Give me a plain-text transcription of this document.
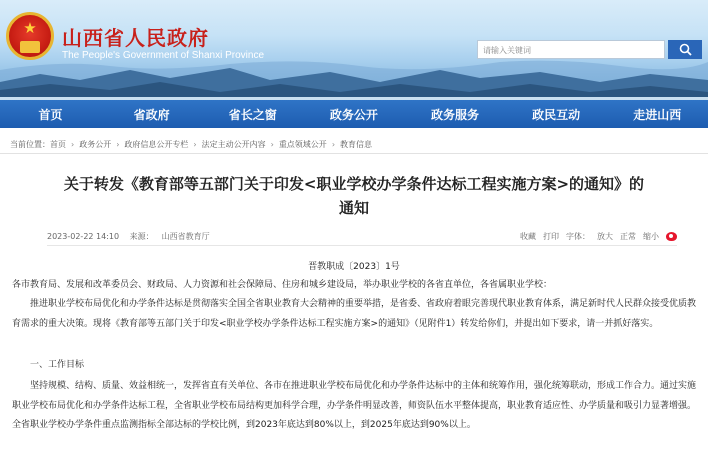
★	山西省人民政府
The People's Government of Shanxi Province	请输入关键词
首页	省政府	省长之窗	政务公开	政务服务	政民互动	走进山西
当前位置： 首页 › 政务公开 › 政府信息公开专栏 › 法定主动公开内容 › 重点领域公开 › 教育信息
关于转发《教育部等五部门关于印发<职业学校办学条件达标工程实施方案>的通知》的
通知
2023-02-22 14:10 来源： 山西省教育厅	收藏 打印 字体： 放大 正常 缩小
晋教职成〔2023〕1号
各市教育局、发展和改革委员会、财政局、人力资源和社会保障局、住房和城乡建设局，举办职业学校的各省直单位，各省属职业学校：
推进职业学校布局优化和办学条件达标是贯彻落实全国全省职业教育大会精神的重要举措，是省委、省政府着眼完善现代职业教育体系，满足新时代人民群众接受优质教育需求的重大决策。现将《教育部等五部门关于印发<职业学校办学条件达标工程实施方案>的通知》（见附件1）转发给你们，并提出如下要求，请一并抓好落实。
一、工作目标
坚持规模、结构、质量、效益相统一，发挥省直有关单位、各市在推进职业学校布局优化和办学条件达标中的主体和统筹作用，强化统筹联动，形成工作合力。通过实施职业学校布局优化和办学条件达标工程，全省职业学校布局结构更加科学合理，办学条件明显改善，师资队伍水平整体提高，职业教育适应性、办学质量和吸引力显著增强。全省职业学校办学条件重点监测指标全部达标的学校比例，到2023年底达到80%以上，到2025年底达到90%以上。
